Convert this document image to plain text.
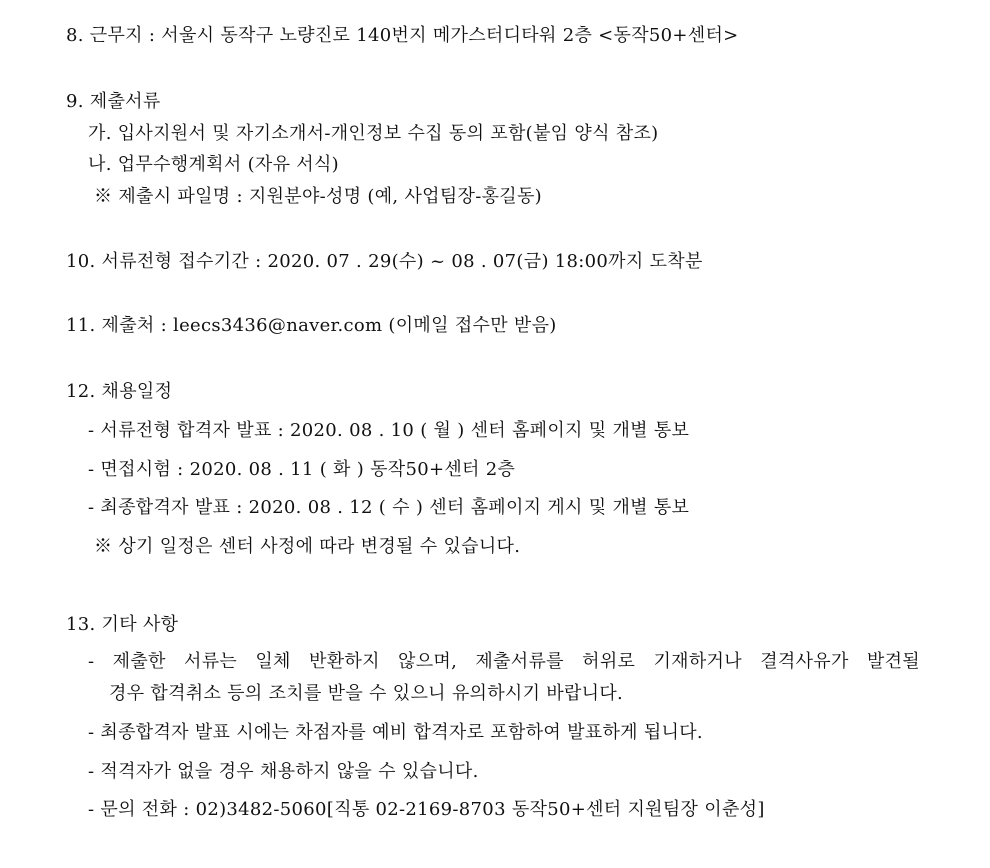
8. 근무지 : 서울시 동작구 노량진로 140번지 메가스터디타워 2층 <동작50+센터>
9. 제출서류
가. 입사지원서 및 자기소개서-개인정보 수집 동의 포함(붙임 양식 참조)
나. 업무수행계획서 (자유 서식)
※ 제출시 파일명 : 지원분야-성명 (예, 사업팀장-홍길동)
10. 서류전형 접수기간 : 2020. 07 . 29(수) ~ 08 . 07(금) 18:00까지 도착분
11. 제출처 : leecs3436@naver.com (이메일 접수만 받음)
12. 채용일정
- 서류전형 합격자 발표 : 2020. 08 . 10 ( 월 ) 센터 홈페이지 및 개별 통보
- 면접시험 : 2020. 08 . 11 ( 화 ) 동작50+센터 2층
- 최종합격자 발표 : 2020. 08 . 12 ( 수 ) 센터 홈페이지 게시 및 개별 통보
※ 상기 일정은 센터 사정에 따라 변경될 수 있습니다.
13. 기타 사항
- 제출한 서류는 일체 반환하지 않으며, 제출서류를 허위로 기재하거나 결격사유가 발견될
경우 합격취소 등의 조치를 받을 수 있으니 유의하시기 바랍니다.
- 최종합격자 발표 시에는 차점자를 예비 합격자로 포함하여 발표하게 됩니다.
- 적격자가 없을 경우 채용하지 않을 수 있습니다.
- 문의 전화 : 02)3482-5060[직통 02-2169-8703 동작50+센터 지원팀장 이춘성]
